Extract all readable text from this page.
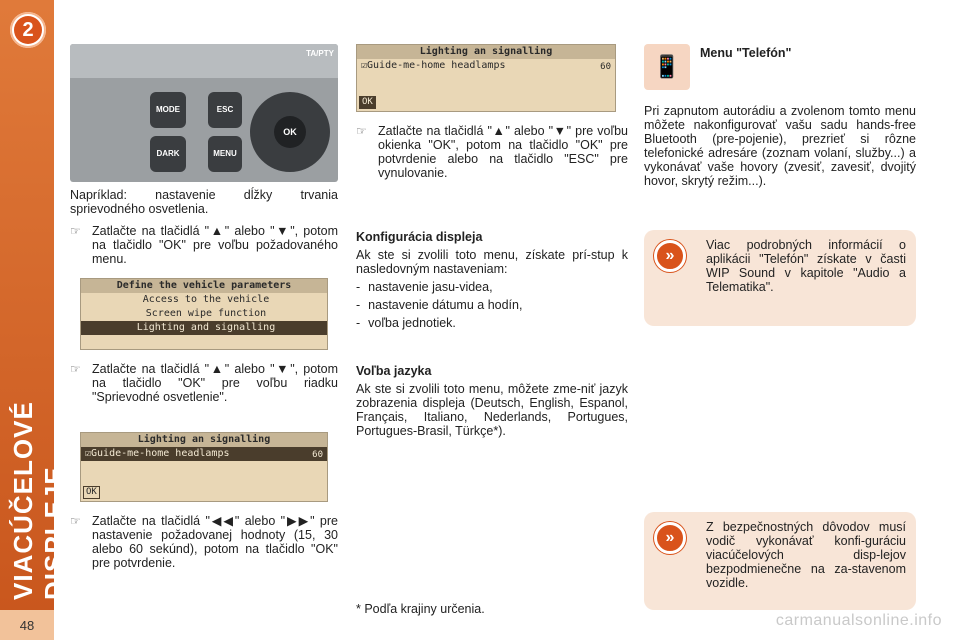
2
VIACÚČELOVÉ DISPLEJE
48
MODE
DARK
ESC
MENU
OK

Napríklad: nastavenie dĺžky trvania sprievodného osvetlenia.

☞ Zatlačte na tlačidlá "▲" alebo "▼", potom na tlačidlo "OK" pre voľbu požadovaného menu.
Define the vehicle parameters
Access to the vehicle
Screen wipe function
Lighting and signalling
☞ Zatlačte na tlačidlá "▲" alebo "▼", potom na tlačidlo "OK" pre voľbu riadku "Sprievodné osvetlenie".
Lighting an signalling
☑Guide-me-home headlamps	60
OK
☞ Zatlačte na tlačidlá "◀◀" alebo "▶▶" pre nastavenie požadovanej hodnoty (15, 30 alebo 60 sekúnd), potom na tlačidlo "OK" pre potvrdenie.
Lighting an signalling
☑Guide-me-home headlamps	60
OK
☞ Zatlačte na tlačidlá "▲" alebo "▼" pre voľbu okienka "OK", potom na tlačidlo "OK" pre potvrdenie alebo na tlačidlo "ESC" pre vynulovanie.
Konfigurácia displeja

Ak ste si zvolili toto menu, získate prí-stup k nasledovným nastaveniam:

- nastavenie jasu-videa,
- nastavenie dátumu a hodín,
- voľba jednotiek.
Voľba jazyka

Ak ste si zvolili toto menu, môžete zme-niť jazyk zobrazenia displeja (Deutsch, English, Espanol, Français, Italiano, Nederlands, Portugues, Portugues-Brasil, Türkçe*).

* Podľa krajiny určenia.
📱
Menu "Telefón"

Pri zapnutom autorádiu a zvolenom tomto menu môžete nakonfigurovať vašu sadu hands-free Bluetooth (pre-pojenie), prezrieť si rôzne telefonické adresáre (zoznam volaní, služby...) a vykonávať vaše hovory (zvesiť, zavesiť, dvojitý hovor, skrytý režim...).

»
Viac podrobných informácií o aplikácii "Telefón" získate v časti WIP Sound v kapitole "Audio a Telematika".
»
Z bezpečnostných dôvodov musí vodič vykonávať konfi-guráciu viacúčelových disp-lejov bezpodmienečne na za-stavenom vozidle.
carmanualsonline.info
